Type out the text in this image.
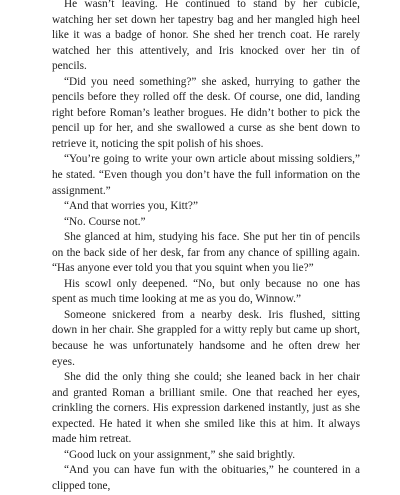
He wasn’t leaving. He continued to stand by her cubicle, watching her set down her tapestry bag and her mangled high heel like it was a badge of honor. She shed her trench coat. He rarely watched her this attentively, and Iris knocked over her tin of pencils.

“Did you need something?” she asked, hurrying to gather the pencils before they rolled off the desk. Of course, one did, landing right before Roman’s leather brogues. He didn’t bother to pick the pencil up for her, and she swallowed a curse as she bent down to retrieve it, noticing the spit polish of his shoes.

“You’re going to write your own article about missing soldiers,” he stated. “Even though you don’t have the full information on the assignment.”

“And that worries you, Kitt?”

“No. Course not.”

She glanced at him, studying his face. She put her tin of pencils on the back side of her desk, far from any chance of spilling again. “Has anyone ever told you that you squint when you lie?”

His scowl only deepened. “No, but only because no one has spent as much time looking at me as you do, Winnow.”

Someone snickered from a nearby desk. Iris flushed, sitting down in her chair. She grappled for a witty reply but came up short, because he was unfortunately handsome and he often drew her eyes.

She did the only thing she could; she leaned back in her chair and granted Roman a brilliant smile. One that reached her eyes, crinkling the corners. His expression darkened instantly, just as she expected. He hated it when she smiled like this at him. It always made him retreat.

“Good luck on your assignment,” she said brightly.

“And you can have fun with the obituaries,” he countered in a clipped tone,
